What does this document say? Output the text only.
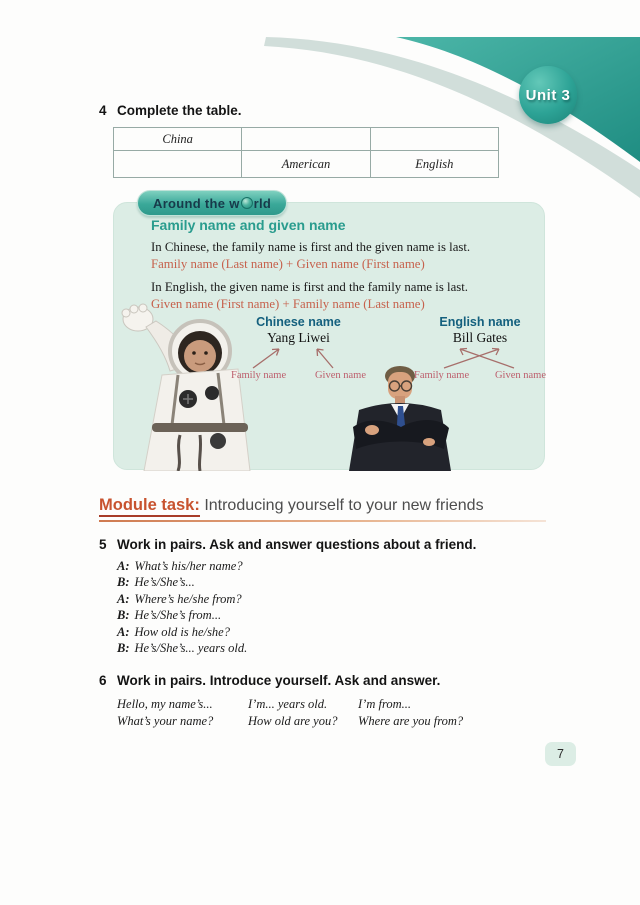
Unit 3
4 Complete the table.
China		
	American	English
Around the w rld
Family name and given name

In Chinese, the family name is first and the given name is last.

Family name (Last name) + Given name (First name)

In English, the given name is first and the family name is last.

Given name (First name) + Family name (Last name)

Chinese name
Yang Liwei
Family name	Given name
English name
Bill Gates
Family name Given name
Module task: Introducing yourself to your new friends
5 Work in pairs. Ask and answer questions about a friend.
A: What’s his/her name?
B: He’s/She’s...
A: Where’s he/she from?
B: He’s/She’s from...
A: How old is he/she?
B: He’s/She’s... years old.
6 Work in pairs. Introduce yourself. Ask and answer.
Hello, my name’s...	I’m... years old.	I’m from...
What’s your name?	How old are you?	Where are you from?
7
